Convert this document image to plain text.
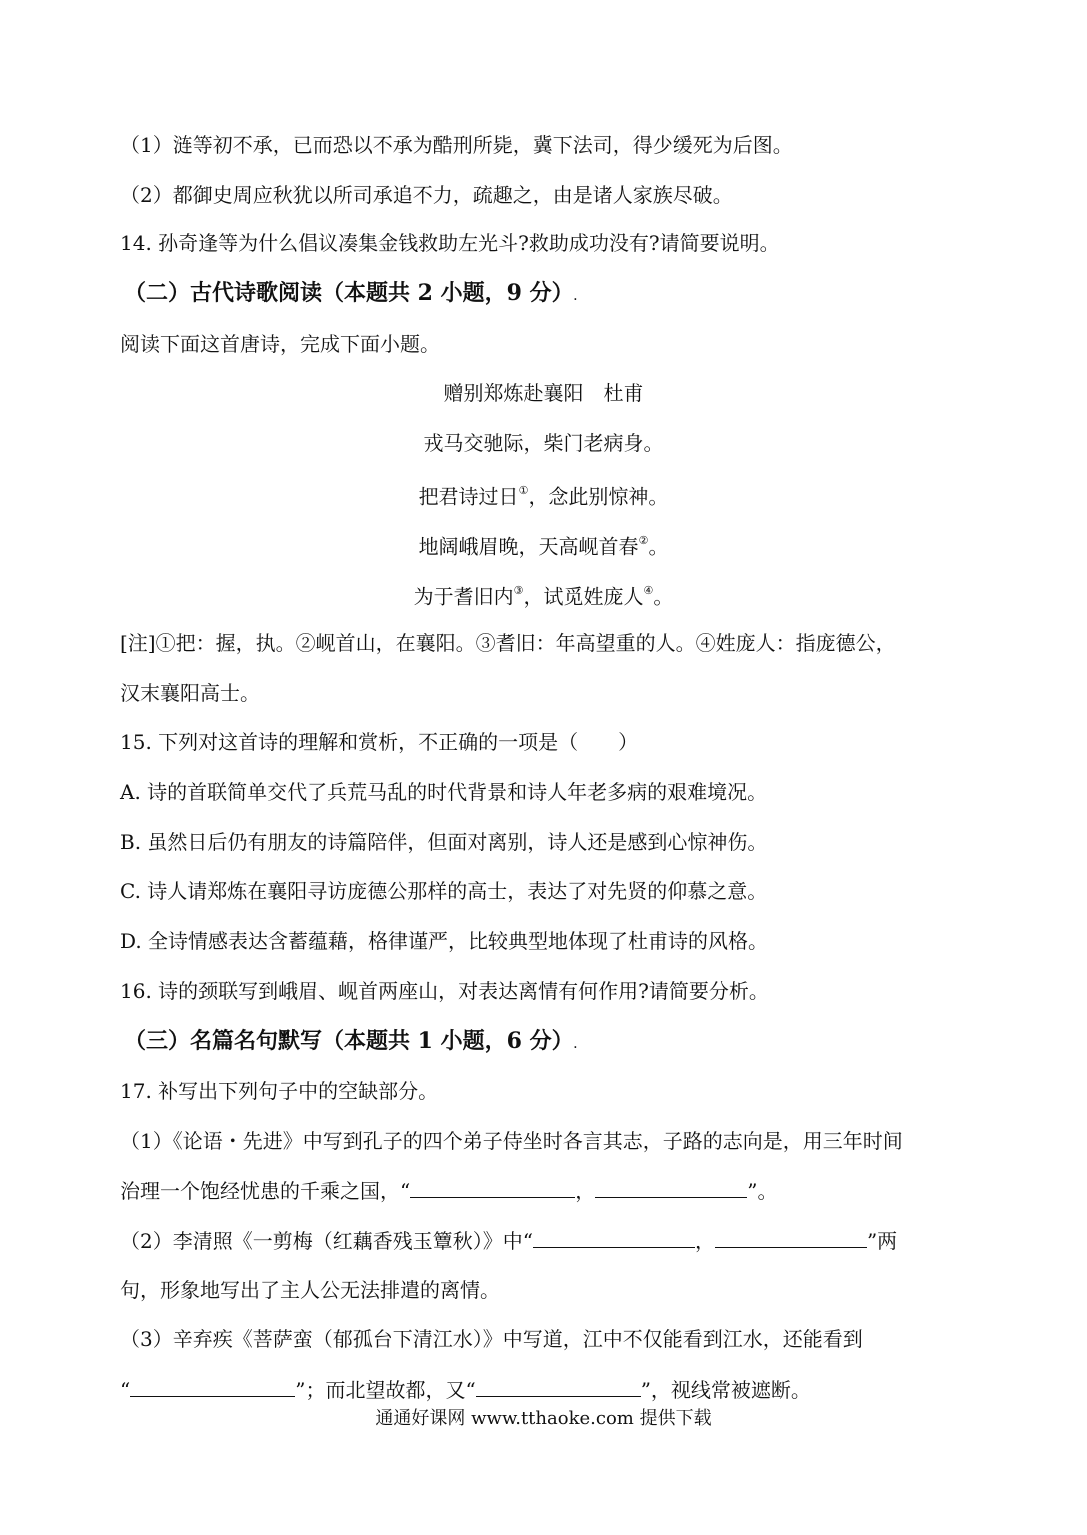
（1）涟等初不承，已而恐以不承为酷刑所毙，冀下法司，得少缓死为后图。
（2）都御史周应秋犹以所司承追不力，疏趣之，由是诸人家族尽破。
14. 孙奇逢等为什么倡议凑集金钱救助左光斗?救助成功没有?请简要说明。
（二）古代诗歌阅读（本题共 2 小题，9 分）.
阅读下面这首唐诗，完成下面小题。
赠别郑炼赴襄阳　杜甫
戎马交驰际，柴门老病身。
把君诗过日①，念此别惊神。
地阔峨眉晚，天高岘首春②。
为于耆旧内③，试觅姓庞人④。
[注]①把：握，执。②岘首山，在襄阳。③耆旧：年高望重的人。④姓庞人：指庞德公，
汉末襄阳高士。
15. 下列对这首诗的理解和赏析，不正确的一项是（　　）
A. 诗的首联简单交代了兵荒马乱的时代背景和诗人年老多病的艰难境况。
B. 虽然日后仍有朋友的诗篇陪伴，但面对离别，诗人还是感到心惊神伤。
C. 诗人请郑炼在襄阳寻访庞德公那样的高士，表达了对先贤的仰慕之意。
D. 全诗情感表达含蓄蕴藉，格律谨严，比较典型地体现了杜甫诗的风格。
16. 诗的颈联写到峨眉、岘首两座山，对表达离情有何作用?请简要分析。
（三）名篇名句默写（本题共 1 小题，6 分）.
17. 补写出下列句子中的空缺部分。
（1）《论语・先进》中写到孔子的四个弟子侍坐时各言其志，子路的志向是，用三年时间
治理一个饱经忧患的千乘之国，“	，	”。
（2）李清照《一剪梅（红藕香残玉簟秋）》中“	，	”两
句，形象地写出了主人公无法排遣的离情。
（3）辛弃疾《菩萨蛮（郁孤台下清江水）》中写道，江中不仅能看到江水，还能看到
“	”；而北望故都，又“	”，视线常被遮断。
通通好课网 www.tthaoke.com 提供下载
